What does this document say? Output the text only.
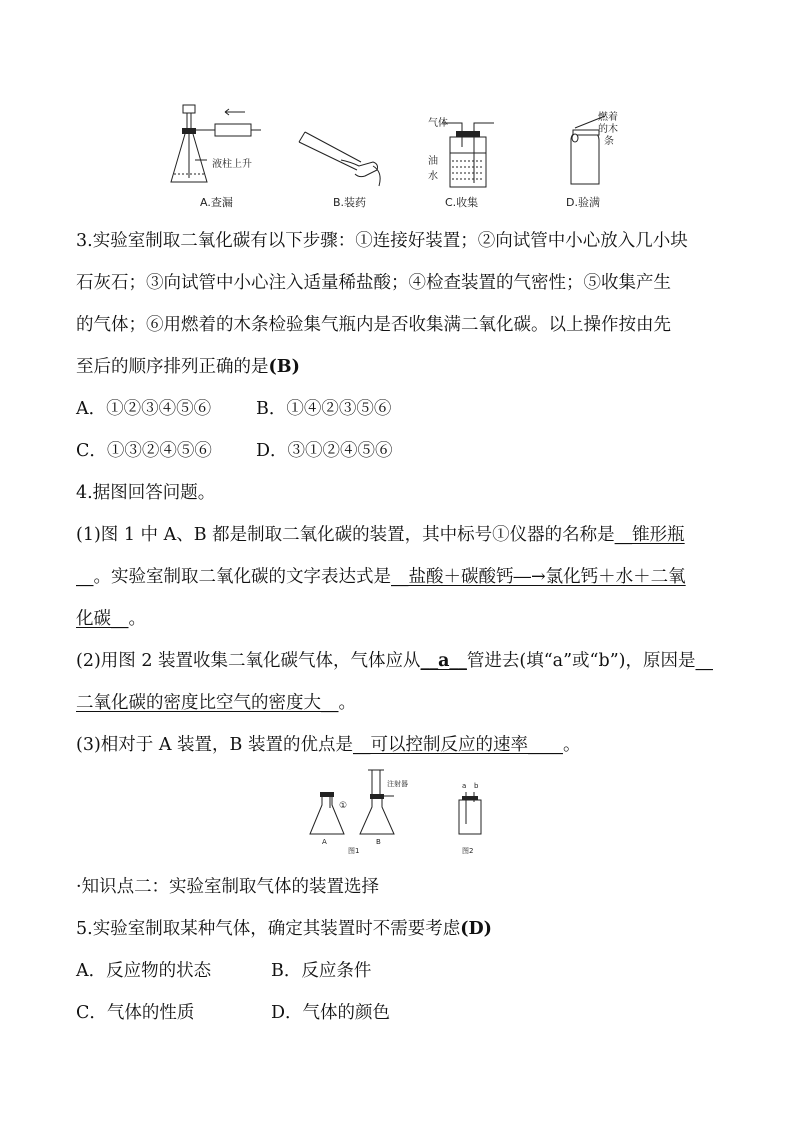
液柱上升
气体
油
水
燃着
的木
条
A.查漏	B.装药	C.收集	D.验满
3.实验室制取二氧化碳有以下步骤：①连接好装置；②向试管中小心放入几小块
石灰石；③向试管中小心注入适量稀盐酸；④检查装置的气密性；⑤收集产生
的气体；⑥用燃着的木条检验集气瓶内是否收集满二氧化碳。以上操作按由先
至后的顺序排列正确的是(B)
A．①②③④⑤⑥	B．①④②③⑤⑥
C．①③②④⑤⑥	D．③①②④⑤⑥
4.据图回答问题。
(1)图 1 中 A、B 都是制取二氧化碳的装置，其中标号①仪器的名称是__锥形瓶
__。实验室制取二氧化碳的文字表达式是__盐酸＋碳酸钙―→氯化钙＋水＋二氧
化碳__。
(2)用图 2 装置收集二氧化碳气体，气体应从__a__管进去(填“a”或“b”)，原因是__
二氧化碳的密度比空气的密度大__。
(3)相对于 A 装置，B 装置的优点是__可以控制反应的速率____。
①
注射器
A	B
图1	图2
a b
·知识点二：实验室制取气体的装置选择
5.实验室制取某种气体，确定其装置时不需要考虑(D)
A．反应物的状态	B．反应条件
C．气体的性质	D．气体的颜色
